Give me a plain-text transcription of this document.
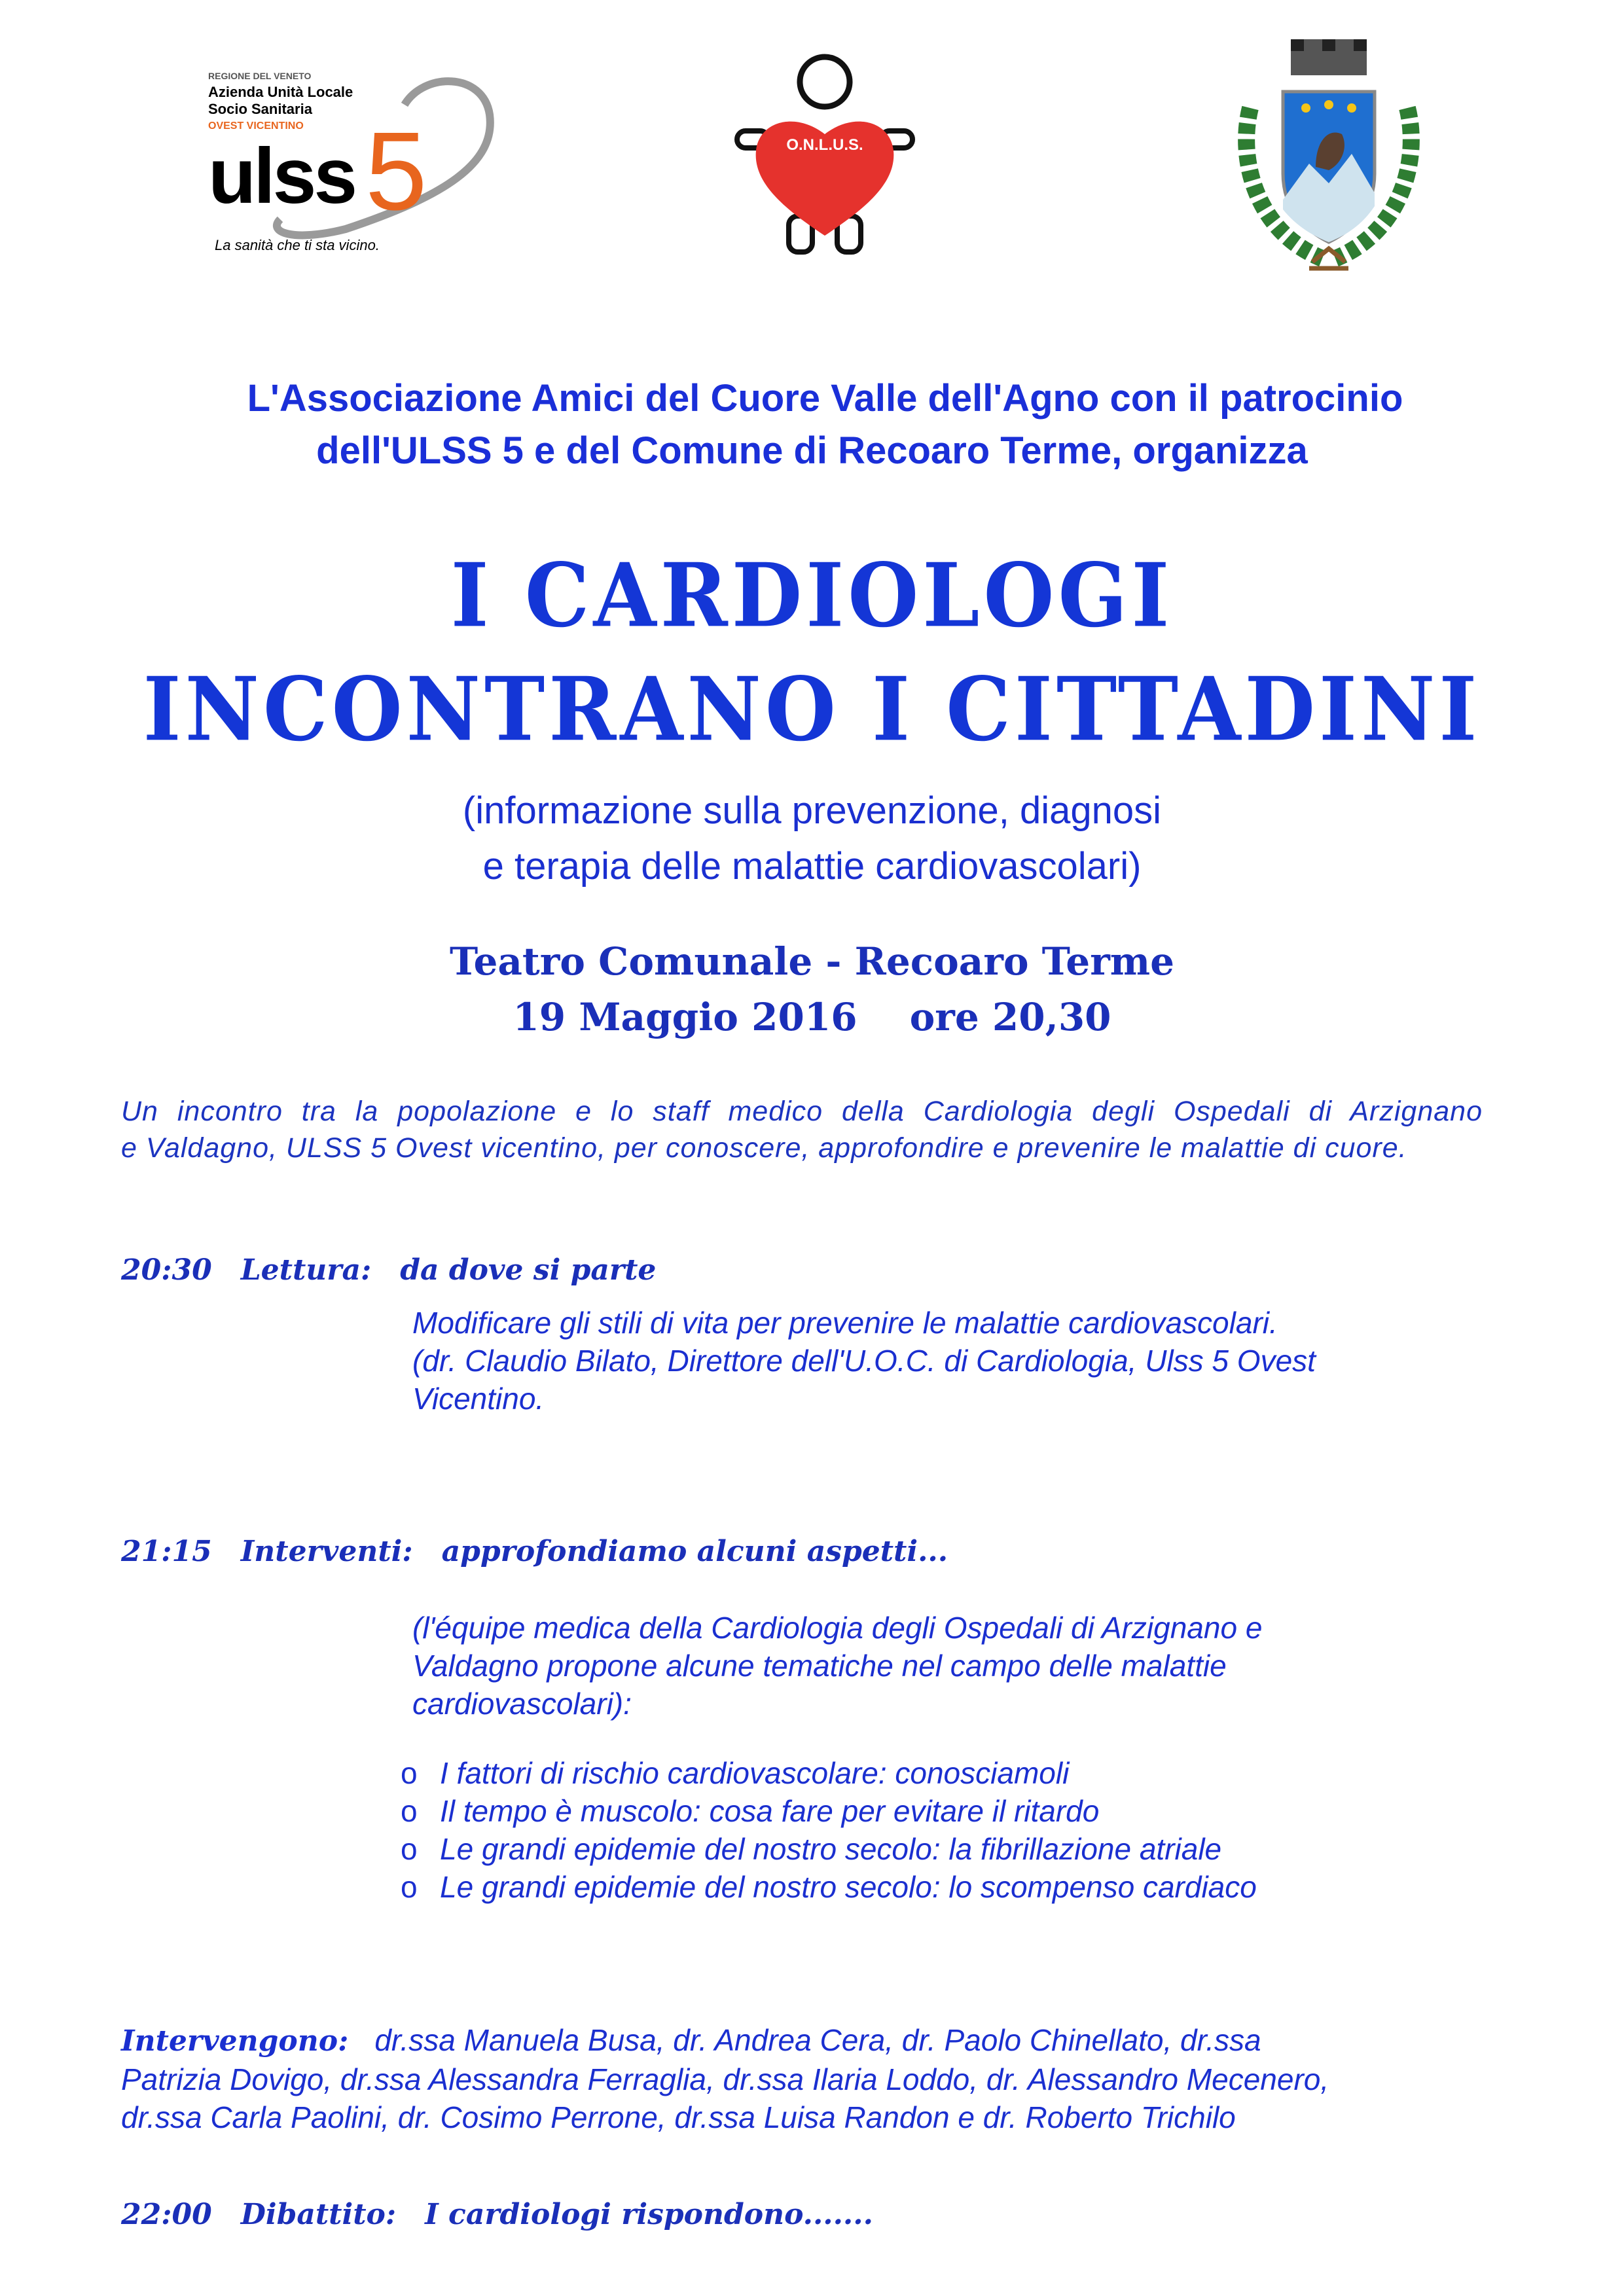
5
REGIONE DEL VENETO
Azienda Unità Locale
Socio Sanitaria
OVEST VICENTINO
ulss
La sanità che ti sta vicino.
O.N.L.U.S.
L'Associazione Amici del Cuore Valle dell'Agno con il patrocinio
dell'ULSS 5 e del Comune di Recoaro Terme, organizza
I CARDIOLOGI
INCONTRANO I CITTADINI
(informazione sulla prevenzione, diagnosi
e terapia delle malattie cardiovascolari)
Teatro Comunale - Recoaro Terme
19 Maggio 2016 ore 20,30
Un incontro tra la popolazione e lo staff medico della Cardiologia degli Ospedali di Arzignano
e Valdagno, ULSS 5 Ovest vicentino, per conoscere, approfondire e prevenire le malattie di cuore.
20:30 Lettura: da dove si parte
Modificare gli stili di vita per prevenire le malattie cardiovascolari.
(dr. Claudio Bilato, Direttore dell'U.O.C. di Cardiologia, Ulss 5 Ovest
Vicentino.
21:15 Interventi: approfondiamo alcuni aspetti...
(l'équipe medica della Cardiologia degli Ospedali di Arzignano e
Valdagno propone alcune tematiche nel campo delle malattie
cardiovascolari):
o I fattori di rischio cardiovascolare: conosciamoli
o Il tempo è muscolo: cosa fare per evitare il ritardo
o Le grandi epidemie del nostro secolo: la fibrillazione atriale
o Le grandi epidemie del nostro secolo: lo scompenso cardiaco
Intervengono: dr.ssa Manuela Busa, dr. Andrea Cera, dr. Paolo Chinellato, dr.ssa
Patrizia Dovigo, dr.ssa Alessandra Ferraglia, dr.ssa Ilaria Loddo, dr. Alessandro Mecenero,
dr.ssa Carla Paolini, dr. Cosimo Perrone, dr.ssa Luisa Randon e dr. Roberto Trichilo
22:00 Dibattito: I cardiologi rispondono.......
